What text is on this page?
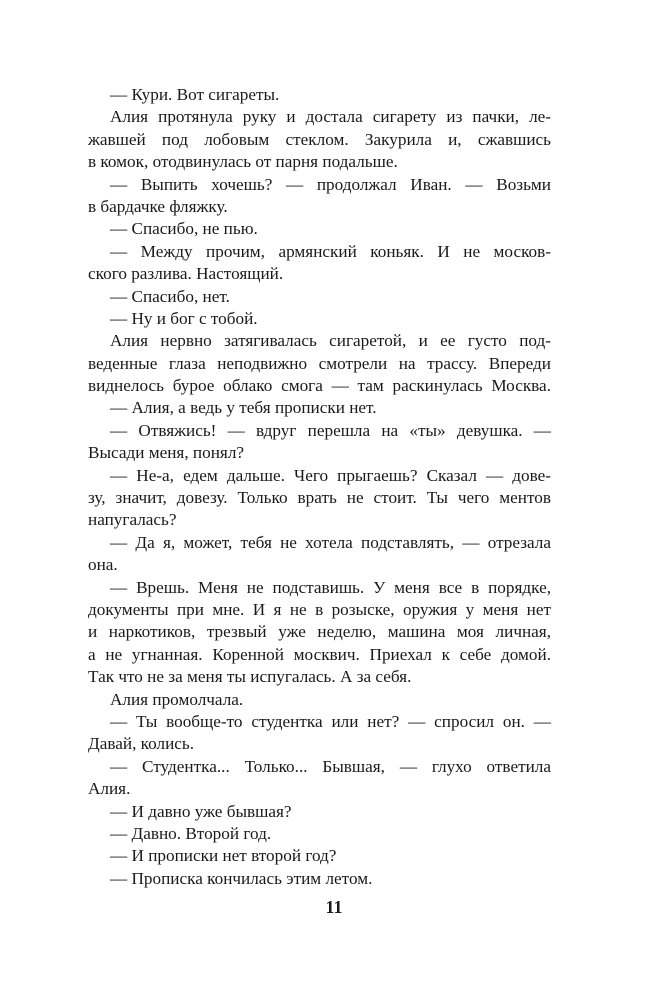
— Кури. Вот сигареты.
Алия протянула руку и достала сигарету из пачки, ле-
жавшей под лобовым стеклом. Закурила и, сжавшись
в комок, отодвинулась от парня подальше.
— Выпить хочешь? — продолжал Иван. — Возьми
в бардачке фляжку.
— Спасибо, не пью.
— Между прочим, армянский коньяк. И не москов-
ского разлива. Настоящий.
— Спасибо, нет.
— Ну и бог с тобой.
Алия нервно затягивалась сигаретой, и ее густо под-
веденные глаза неподвижно смотрели на трассу. Впереди
виднелось бурое облако смога — там раскинулась Москва.
— Алия, а ведь у тебя прописки нет.
— Отвяжись! — вдруг перешла на «ты» девушка. —
Высади меня, понял?
— Не-а, едем дальше. Чего прыгаешь? Сказал — дове-
зу, значит, довезу. Только врать не стоит. Ты чего ментов
напугалась?
— Да я, может, тебя не хотела подставлять, — отрезала
она.
— Врешь. Меня не подставишь. У меня все в порядке,
документы при мне. И я не в розыске, оружия у меня нет
и наркотиков, трезвый уже неделю, машина моя личная,
а не угнанная. Коренной москвич. Приехал к себе домой.
Так что не за меня ты испугалась. А за себя.
Алия промолчала.
— Ты вообще-то студентка или нет? — спросил он. —
Давай, колись.
— Студентка... Только... Бывшая, — глухо ответила
Алия.
— И давно уже бывшая?
— Давно. Второй год.
— И прописки нет второй год?
— Прописка кончилась этим летом.
11
